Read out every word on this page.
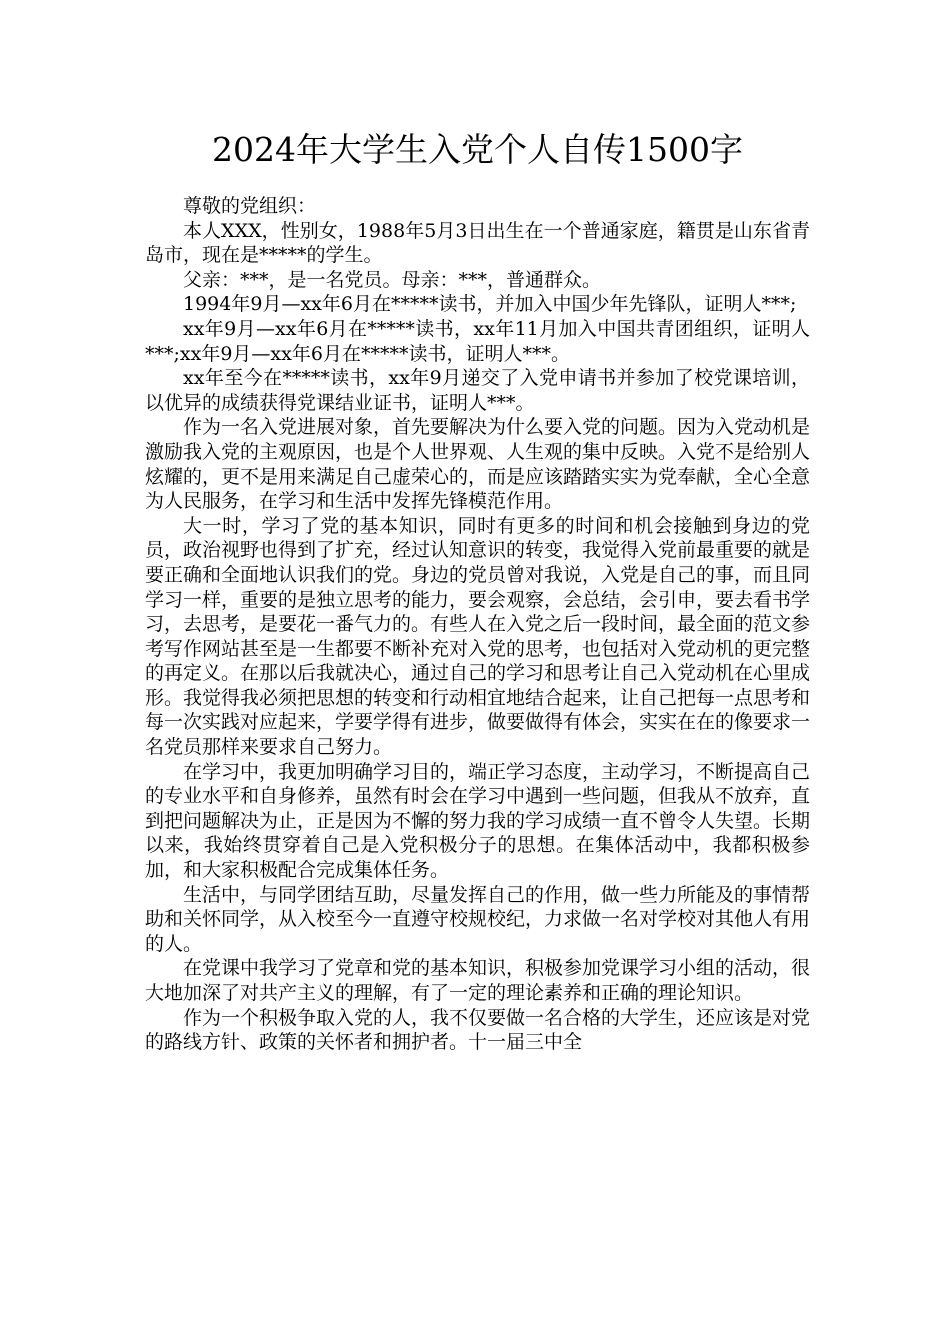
2024年大学生入党个人自传1500字

尊敬的党组织：

本人XXX，性别女，1988年5月3日出生在一个普通家庭，籍贯是山东省青岛市，现在是*****的学生。

父亲：***，是一名党员。母亲：***，普通群众。

1994年9月—xx年6月在*****读书，并加入中国少年先锋队，证明人***;

xx年9月—xx年6月在*****读书，xx年11月加入中国共青团组织，证明人***;xx年9月—xx年6月在*****读书，证明人***。

xx年至今在*****读书，xx年9月递交了入党申请书并参加了校党课培训，以优异的成绩获得党课结业证书，证明人***。

作为一名入党进展对象，首先要解决为什么要入党的问题。因为入党动机是激励我入党的主观原因，也是个人世界观、人生观的集中反映。入党不是给别人炫耀的，更不是用来满足自己虚荣心的，而是应该踏踏实实为党奉献，全心全意为人民服务，在学习和生活中发挥先锋模范作用。

大一时，学习了党的基本知识，同时有更多的时间和机会接触到身边的党员，政治视野也得到了扩充，经过认知意识的转变，我觉得入党前最重要的就是要正确和全面地认识我们的党。身边的党员曾对我说，入党是自己的事，而且同学习一样，重要的是独立思考的能力，要会观察，会总结，会引申，要去看书学习，去思考，是要花一番气力的。有些人在入党之后一段时间，最全面的范文参考写作网站甚至是一生都要不断补充对入党的思考，也包括对入党动机的更完整的再定义。在那以后我就决心，通过自己的学习和思考让自己入党动机在心里成形。我觉得我必须把思想的转变和行动相宜地结合起来，让自己把每一点思考和每一次实践对应起来，学要学得有进步，做要做得有体会，实实在在的像要求一名党员那样来要求自己努力。

在学习中，我更加明确学习目的，端正学习态度，主动学习，不断提高自己的专业水平和自身修养，虽然有时会在学习中遇到一些问题，但我从不放弃，直到把问题解决为止，正是因为不懈的努力我的学习成绩一直不曾令人失望。长期以来，我始终贯穿着自己是入党积极分子的思想。在集体活动中，我都积极参加，和大家积极配合完成集体任务。

生活中，与同学团结互助，尽量发挥自己的作用，做一些力所能及的事情帮助和关怀同学，从入校至今一直遵守校规校纪，力求做一名对学校对其他人有用的人。

在党课中我学习了党章和党的基本知识，积极参加党课学习小组的活动，很大地加深了对共产主义的理解，有了一定的理论素养和正确的理论知识。

作为一个积极争取入党的人，我不仅要做一名合格的大学生，还应该是对党的路线方针、政策的关怀者和拥护者。十一届三中全
